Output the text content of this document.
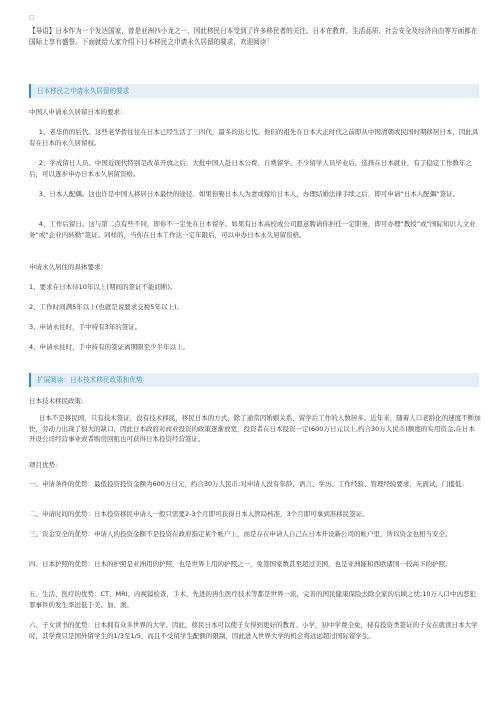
□
【导语】日本作为一个发达国家，曾是亚洲四小龙之一，因此移民日本受到了许多移民者的关注。日本在教育、生活品质、社会安全及经济自由等方面都在国际上享有盛誉。下面就给大家介绍下日本移民之申请永久居留的要求，欢迎阅读！
日本移民之申请永久居留的要求
中国人申请永久居留日本的要求：
1、老华侨的后代。这些老华侨往往在日本已经生活了三四代，最多的达七代。他们的祖先在日本大正时代之前即从中国清朝或民国时期移居日本，因此具有在日本的永久居留权。
2、学成留日人员。中国近现代特别是改革开放之后，大批中国人赴日本公费、自费留学。不少留学人员毕业后，选择在日本就业，有了稳定工作数年之后，可以逐步申办日本永久居留资格。
3、日本人配偶。这也许是中国人移居日本最快的途径。如果你娶日本人为妻或嫁给日本人，办理结婚法律手续之后，即可申请“日本人配偶”签证。
4、工作后留日。这与第二点有些不同，即你不一定先在日本留学。如果有日本高校或公司愿意聘请你担任一定职务，即可办理“教授”或“国际知识人文业务”或“企业内转勤”签证。同样的，当你在日本工作达一定年限后，可以申办日本永久居留资格。
申请永久居住的具体要求：
1、要求在日本待10年以上(期间的签证不能间断)。
2、工作时间满5年以上(也就是说要求交税5年以上)。
3、申请永住时，手中持有3年的签证。
4、申请永住时，手中持有的签证离期限至少半年以上。
扩展阅读：日本技术移民政策和优势
日本技术移民政策:
日本不是移民国，只有技术签证，没有技术移民，移民日本的方式，除了通常因婚姻关系、留学后工作的人数居多。近年来，随着人口老龄化的速度不断加快，劳动力出现了很大的缺口，因此日本政府对商业投资的政策逐渐放宽，投资者在日本投资一定(600万日元以上,约合30万人民币)额度的实用资金,在日本开设公司经营事业或者购房回租也可获得日本投资经营签证。
项目优势:
一、申请条件的优势：最低投资投资金额为600万日元，约合30万人民币;对申请人没有年龄、语言、学历、工作经验、管理经验要求，无面试，门槛低。
二、申请时间的优势：日本投资移民申请人一般只需要2-3个月即可获得日本入管局核准，3个月即可拿到准移民签证。
三、资金安全的优势：申请人的投资金额不是投资在政府指定某个帐户上，而是存在申请人自己在日本开设新公司的帐户里，所以资金也相当安全。
四、日本护照的优势：日本的护照是亚洲用的护照，也是世界上用的护照之一，免签国家数甚至超过美国，也是亚洲能和西欧诸国一较高下的护照。
五、生活、医疗的优势：CT、MRI、内视镜检查，手术，先进的再生医疗技术等都是世界一流，完善的国民健康保险去除全家的后顾之忧;10万人口中凶恶犯罪事件的发生率远低于美、加、澳。
六、子女读书的优势：日本拥有众多世界的大学。因此，移民日本可以使子女得到更好的教育。小学，初中学费全免，持有投资类签证的子女在就读日本大学时，其学费只是国外留学生的1/3至1/5，而且不受留学生配额的限制，因此进入世界大学的机会将远远超过国际留学生。
